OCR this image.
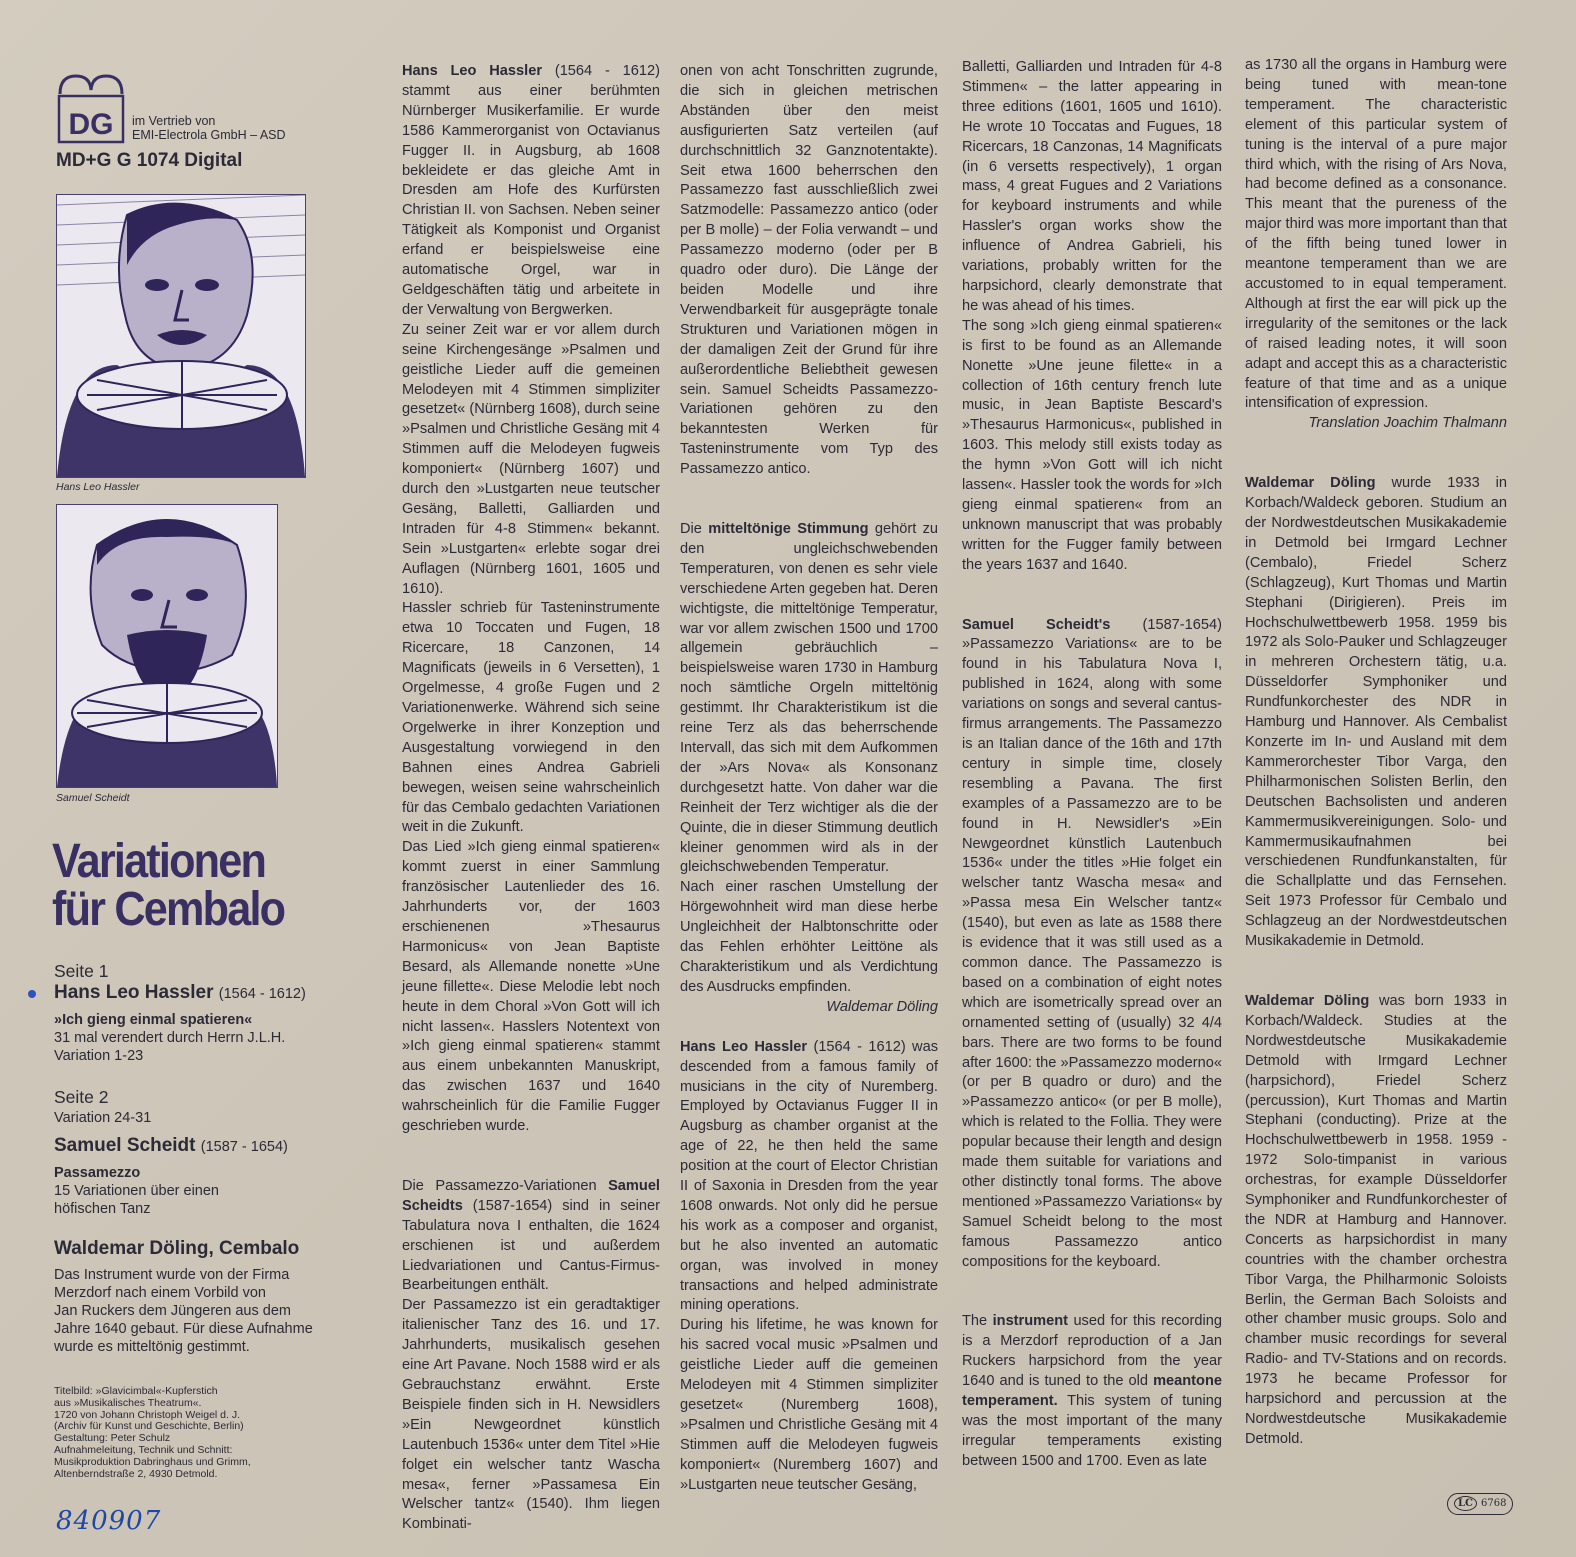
DG im Vertrieb von
EMI-Electrola GmbH – ASD
MD+G G 1074 Digital
Hans Leo Hassler
Samuel Scheidt
Variationen
für Cembalo
Seite 1
Hans Leo Hassler (1564 - 1612)
»Ich gieng einmal spatieren«
31 mal verendert durch Herrn J.L.H.
Variation 1-23
Seite 2
Variation 24-31
Samuel Scheidt (1587 - 1654)
Passamezzo
15 Variationen über einen
höfischen Tanz
Waldemar Döling, Cembalo
Das Instrument wurde von der Firma
Merzdorf nach einem Vorbild von
Jan Ruckers dem Jüngeren aus dem
Jahre 1640 gebaut. Für diese Aufnahme
wurde es mitteltönig gestimmt.
Titelbild: »Glavicimbal«-Kupferstich
aus »Musikalisches Theatrum«.
1720 von Johann Christoph Weigel d. J.
(Archiv für Kunst und Geschichte, Berlin)
Gestaltung: Peter Schulz
Aufnahmeleitung, Technik und Schnitt:
Musikproduktion Dabringhaus und Grimm,
Altenberndstraße 2, 4930 Detmold.
840907

Hans Leo Hassler (1564 - 1612) stammt aus einer berühmten Nürnberger Musikerfamilie. Er wurde 1586 Kammerorganist von Octavianus Fugger II. in Augsburg, ab 1608 bekleidete er das gleiche Amt in Dresden am Hofe des Kurfürsten Christian II. von Sachsen. Neben seiner Tätigkeit als Komponist und Organist erfand er beispielsweise eine automatische Orgel, war in Geldgeschäften tätig und arbeitete in der Verwaltung von Bergwerken.

Zu seiner Zeit war er vor allem durch seine Kirchengesänge »Psalmen und geistliche Lieder auff die gemeinen Melodeyen mit 4 Stimmen simpliziter gesetzet« (Nürnberg 1608), durch seine »Psalmen und Christliche Gesäng mit 4 Stimmen auff die Melodeyen fugweis komponiert« (Nürnberg 1607) und durch den »Lustgarten neue teutscher Gesäng, Balletti, Galliarden und Intraden für 4-8 Stimmen« bekannt. Sein »Lustgarten« erlebte sogar drei Auflagen (Nürnberg 1601, 1605 und 1610).

Hassler schrieb für Tasteninstrumente etwa 10 Toccaten und Fugen, 18 Ricercare, 18 Canzonen, 14 Magnificats (jeweils in 6 Versetten), 1 Orgelmesse, 4 große Fugen und 2 Variationenwerke. Während sich seine Orgelwerke in ihrer Konzeption und Ausgestaltung vorwiegend in den Bahnen eines Andrea Gabrieli bewegen, weisen seine wahrscheinlich für das Cembalo gedachten Variationen weit in die Zukunft.

Das Lied »Ich gieng einmal spatieren« kommt zuerst in einer Sammlung französischer Lautenlieder des 16. Jahrhunderts vor, der 1603 erschienenen »Thesaurus Harmonicus« von Jean Baptiste Besard, als Allemande nonette »Une jeune fillette«. Diese Melodie lebt noch heute in dem Choral »Von Gott will ich nicht lassen«. Hasslers Notentext von »Ich gieng einmal spatieren« stammt aus einem unbekannten Manuskript, das zwischen 1637 und 1640 wahrscheinlich für die Familie Fugger geschrieben wurde.

Die Passamezzo-Variationen Samuel Scheidts (1587-1654) sind in seiner Tabulatura nova I enthalten, die 1624 erschienen ist und außerdem Liedvariationen und Cantus-Firmus-Bearbeitungen enthält.

Der Passamezzo ist ein geradtaktiger italienischer Tanz des 16. und 17. Jahrhunderts, musikalisch gesehen eine Art Pavane. Noch 1588 wird er als Gebrauchstanz erwähnt. Erste Beispiele finden sich in H. Newsidlers »Ein Newgeordnet künstlich Lautenbuch 1536« unter dem Titel »Hie folget ein welscher tantz Wascha mesa«, ferner »Passamesa Ein Welscher tantz« (1540). Ihm liegen Kombinati-

onen von acht Tonschritten zugrunde, die sich in gleichen metrischen Abständen über den meist ausfigurierten Satz verteilen (auf durchschnittlich 32 Ganznotentakte). Seit etwa 1600 beherrschen den Passamezzo fast ausschließlich zwei Satzmodelle: Passamezzo antico (oder per B molle) – der Folia verwandt – und Passamezzo moderno (oder per B quadro oder duro). Die Länge der beiden Modelle und ihre Verwendbarkeit für ausgeprägte tonale Strukturen und Variationen mögen in der damaligen Zeit der Grund für ihre außerordentliche Beliebtheit gewesen sein. Samuel Scheidts Passamezzo-Variationen gehören zu den bekanntesten Werken für Tasteninstrumente vom Typ des Passamezzo antico.

Die mitteltönige Stimmung gehört zu den ungleichschwebenden Temperaturen, von denen es sehr viele verschiedene Arten gegeben hat. Deren wichtigste, die mitteltönige Temperatur, war vor allem zwischen 1500 und 1700 allgemein gebräuchlich – beispielsweise waren 1730 in Hamburg noch sämtliche Orgeln mitteltönig gestimmt. Ihr Charakteristikum ist die reine Terz als das beherrschende Intervall, das sich mit dem Aufkommen der »Ars Nova« als Konsonanz durchgesetzt hatte. Von daher war die Reinheit der Terz wichtiger als die der Quinte, die in dieser Stimmung deutlich kleiner genommen wird als in der gleichschwebenden Temperatur.

Nach einer raschen Umstellung der Hörgewohnheit wird man diese herbe Ungleichheit der Halbtonschritte oder das Fehlen erhöhter Leittöne als Charakteristikum und als Verdichtung des Ausdrucks empfinden.

Waldemar Döling

Hans Leo Hassler (1564 - 1612) was descended from a famous family of musicians in the city of Nuremberg. Employed by Octavianus Fugger II in Augsburg as chamber organist at the age of 22, he then held the same position at the court of Elector Christian II of Saxonia in Dresden from the year 1608 onwards. Not only did he persue his work as a composer and organist, but he also invented an automatic organ, was involved in money transactions and helped administrate mining operations.

During his lifetime, he was known for his sacred vocal music »Psalmen und geistliche Lieder auff die gemeinen Melodeyen mit 4 Stimmen simpliziter gesetzet« (Nuremberg 1608), »Psalmen und Christliche Gesäng mit 4 Stimmen auff die Melodeyen fugweis komponiert« (Nuremberg 1607) and »Lustgarten neue teutscher Gesäng,

Balletti, Galliarden und Intraden für 4-8 Stimmen« – the latter appearing in three editions (1601, 1605 und 1610). He wrote 10 Toccatas and Fugues, 18 Ricercars, 18 Canzonas, 14 Magnificats (in 6 versetts respectively), 1 organ mass, 4 great Fugues and 2 Variations for keyboard instruments and while Hassler's organ works show the influence of Andrea Gabrieli, his variations, probably written for the harpsichord, clearly demonstrate that he was ahead of his times.

The song »Ich gieng einmal spatieren« is first to be found as an Allemande Nonette »Une jeune filette« in a collection of 16th century french lute music, in Jean Baptiste Bescard's »Thesaurus Harmonicus«, published in 1603. This melody still exists today as the hymn »Von Gott will ich nicht lassen«. Hassler took the words for »Ich gieng einmal spatieren« from an unknown manuscript that was probably written for the Fugger family between the years 1637 and 1640.

Samuel Scheidt's (1587-1654) »Passamezzo Variations« are to be found in his Tabulatura Nova I, published in 1624, along with some variations on songs and several cantus-firmus arrangements. The Passamezzo is an Italian dance of the 16th and 17th century in simple time, closely resembling a Pavana. The first examples of a Passamezzo are to be found in H. Newsidler's »Ein Newgeordnet künstlich Lautenbuch 1536« under the titles »Hie folget ein welscher tantz Wascha mesa« and »Passa mesa Ein Welscher tantz« (1540), but even as late as 1588 there is evidence that it was still used as a common dance. The Passamezzo is based on a combination of eight notes which are isometrically spread over an ornamented setting of (usually) 32 4/4 bars. There are two forms to be found after 1600: the »Passamezzo moderno« (or per B quadro or duro) and the »Passamezzo antico« (or per B molle), which is related to the Follia. They were popular because their length and design made them suitable for variations and other distinctly tonal forms. The above mentioned »Passamezzo Variations« by Samuel Scheidt belong to the most famous Passamezzo antico compositions for the keyboard.

The instrument used for this recording is a Merzdorf reproduction of a Jan Ruckers harpsichord from the year 1640 and is tuned to the old meantone temperament. This system of tuning was the most important of the many irregular temperaments existing between 1500 and 1700. Even as late

as 1730 all the organs in Hamburg were being tuned with mean-tone temperament. The characteristic element of this particular system of tuning is the interval of a pure major third which, with the rising of Ars Nova, had become defined as a consonance. This meant that the pureness of the major third was more important than that of the fifth being tuned lower in meantone temperament than we are accustomed to in equal temperament. Although at first the ear will pick up the irregularity of the semitones or the lack of raised leading notes, it will soon adapt and accept this as a characteristic feature of that time and as a unique intensification of expression.

Translation Joachim Thalmann

Waldemar Döling wurde 1933 in Korbach/Waldeck geboren. Studium an der Nordwestdeutschen Musikakademie in Detmold bei Irmgard Lechner (Cembalo), Friedel Scherz (Schlagzeug), Kurt Thomas und Martin Stephani (Dirigieren). Preis im Hochschulwettbewerb 1958. 1959 bis 1972 als Solo-Pauker und Schlagzeuger in mehreren Orchestern tätig, u.a. Düsseldorfer Symphoniker und Rundfunkorchester des NDR in Hamburg und Hannover. Als Cembalist Konzerte im In- und Ausland mit dem Kammerorchester Tibor Varga, den Philharmonischen Solisten Berlin, den Deutschen Bachsolisten und anderen Kammermusikvereinigungen. Solo- und Kammermusikaufnahmen bei verschiedenen Rundfunkanstalten, für die Schallplatte und das Fernsehen. Seit 1973 Professor für Cembalo und Schlagzeug an der Nordwestdeutschen Musikakademie in Detmold.

Waldemar Döling was born 1933 in Korbach/Waldeck. Studies at the Nordwestdeutsche Musikakademie Detmold with Irmgard Lechner (harpsichord), Friedel Scherz (percussion), Kurt Thomas and Martin Stephani (conducting). Prize at the Hochschulwettbewerb in 1958. 1959 - 1972 Solo-timpanist in various orchestras, for example Düsseldorfer Symphoniker and Rundfunkorchester of the NDR at Hamburg and Hannover. Concerts as harpsichordist in many countries with the chamber orchestra Tibor Varga, the Philharmonic Soloists Berlin, the German Bach Soloists and other chamber music groups. Solo and chamber music recordings for several Radio- and TV-Stations and on records. 1973 he became Professor for harpsichord and percussion at the Nordwestdeutsche Musikakademie Detmold.

LC 6768
